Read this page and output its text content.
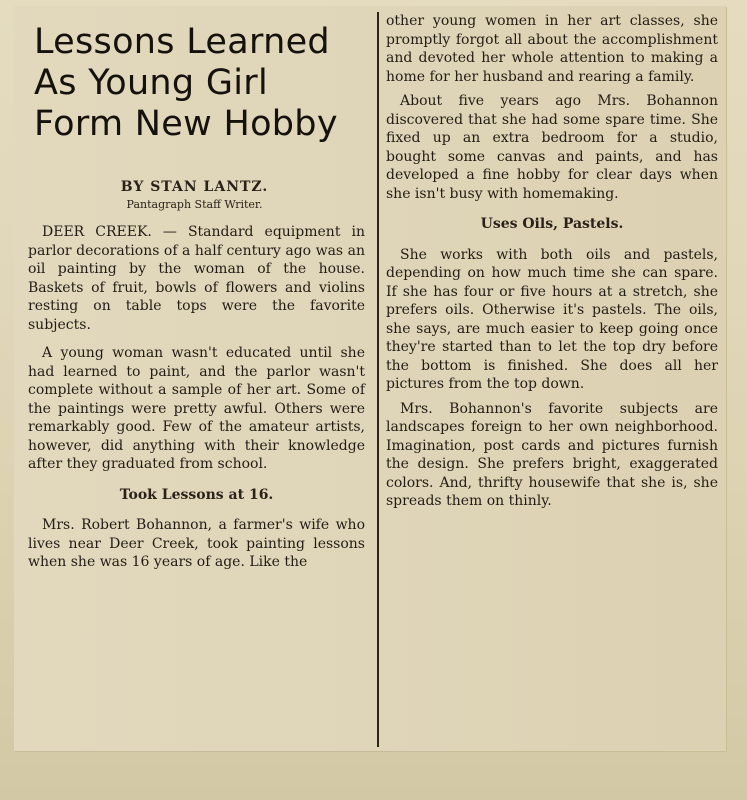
Lessons Learned
As Young Girl
Form New Hobby
BY STAN LANTZ.
Pantagraph Staff Writer.

DEER CREEK. — Standard equipment in parlor decorations of a half century ago was an oil painting by the woman of the house. Baskets of fruit, bowls of flowers and violins resting on table tops were the favorite subjects.

A young woman wasn't educated until she had learned to paint, and the parlor wasn't complete without a sample of her art. Some of the paintings were pretty awful. Others were remarkably good. Few of the amateur artists, however, did anything with their knowledge after they graduated from school.

Took Lessons at 16.

Mrs. Robert Bohannon, a farmer's wife who lives near Deer Creek, took painting lessons when she was 16 years of age. Like the

other young women in her art classes, she promptly forgot all about the accomplishment and devoted her whole attention to making a home for her husband and rearing a family.

About five years ago Mrs. Bohannon discovered that she had some spare time. She fixed up an extra bedroom for a studio, bought some canvas and paints, and has developed a fine hobby for clear days when she isn't busy with homemaking.

Uses Oils, Pastels.

She works with both oils and pastels, depending on how much time she can spare. If she has four or five hours at a stretch, she prefers oils. Otherwise it's pastels. The oils, she says, are much easier to keep going once they're started than to let the top dry before the bottom is finished. She does all her pictures from the top down.

Mrs. Bohannon's favorite subjects are landscapes foreign to her own neighborhood. Imagination, post cards and pictures furnish the design. She prefers bright, exaggerated colors. And, thrifty housewife that she is, she spreads them on thinly.
